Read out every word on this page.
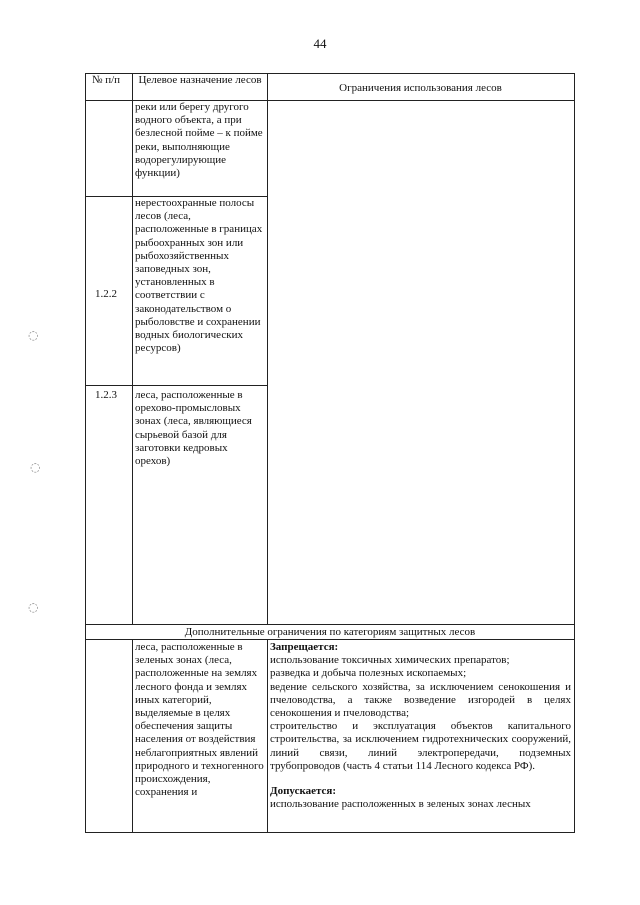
44
№ п/п	Целевое назначение лесов
Ограничения использования лесов
реки или берегу другого водного объекта, а при безлесной пойме – к пойме реки, выполняющие водорегулирующие функции)
1.2.2
нерестоохранные полосы лесов (леса, расположенные в границах рыбоохранных зон или рыбохозяйственных заповедных зон, установленных в соответствии с законодательством о рыболовстве и сохранении водных биологических ресурсов)
1.2.3	леса, расположенные в орехово-промысловых зонах (леса, являющиеся сырьевой базой для заготовки кедровых орехов)
Дополнительные ограничения по категориям защитных лесов
леса, расположенные в зеленых зонах (леса, расположенные на землях лесного фонда и землях иных категорий, выделяемые в целях обеспечения защиты населения от воздействия неблагоприятных явлений природного и техногенного происхождения, сохранения и

Запрещается:

использование токсичных химических препаратов;

разведка и добыча полезных ископаемых;

ведение сельского хозяйства, за исключением сенокошения и пчеловодства, а также возведение изгородей в целях сенокошения и пчеловодства;

строительство и эксплуатация объектов капитального строительства, за исключением гидротехнических сооружений, линий связи, линий электропередачи, подземных трубопроводов (часть 4 статьи 114 Лесного кодекса РФ).

Допускается:

использование расположенных в зеленых зонах лесных

◌
◌
◌
